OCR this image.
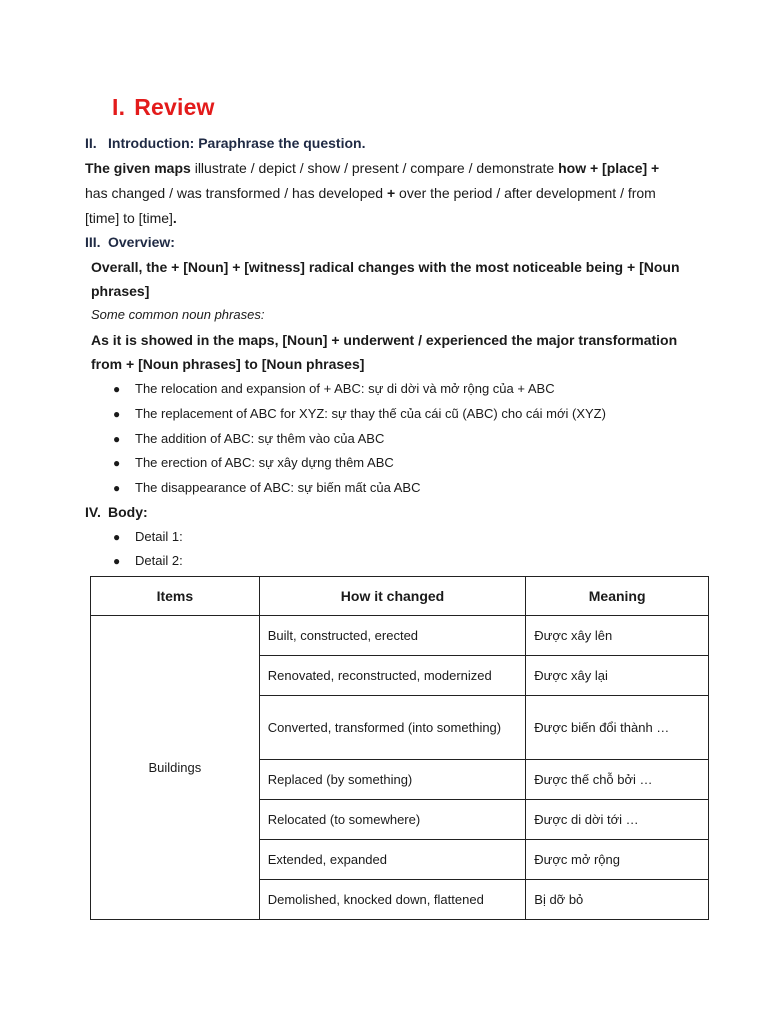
I. Review
II. Introduction: Paraphrase the question.
The given maps illustrate / depict / show / present / compare / demonstrate how + [place] +
has changed / was transformed / has developed + over the period / after development / from
[time] to [time].
III. Overview:
Overall, the + [Noun] + [witness] radical changes with the most noticeable being + [Noun phrases]
Some common noun phrases:
As it is showed in the maps, [Noun] + underwent / experienced the major transformation from + [Noun phrases] to [Noun phrases]
● The relocation and expansion of + ABC: sự di dời và mở rộng của + ABC
● The replacement of ABC for XYZ: sự thay thế của cái cũ (ABC) cho cái mới (XYZ)
● The addition of ABC: sự thêm vào của ABC
● The erection of ABC: sự xây dựng thêm ABC
● The disappearance of ABC: sự biến mất của ABC
IV. Body:
● Detail 1:
● Detail 2:
Items	How it changed	Meaning
Buildings	Built, constructed, erected	Được xây lên
	Renovated, reconstructed, modernized	Được xây lại
	Converted, transformed (into something)	Được biến đổi thành …
	Replaced (by something)	Được thế chỗ bởi …
	Relocated (to somewhere)	Được di dời tới …
	Extended, expanded	Được mở rộng
	Demolished, knocked down, flattened	Bị dỡ bỏ
